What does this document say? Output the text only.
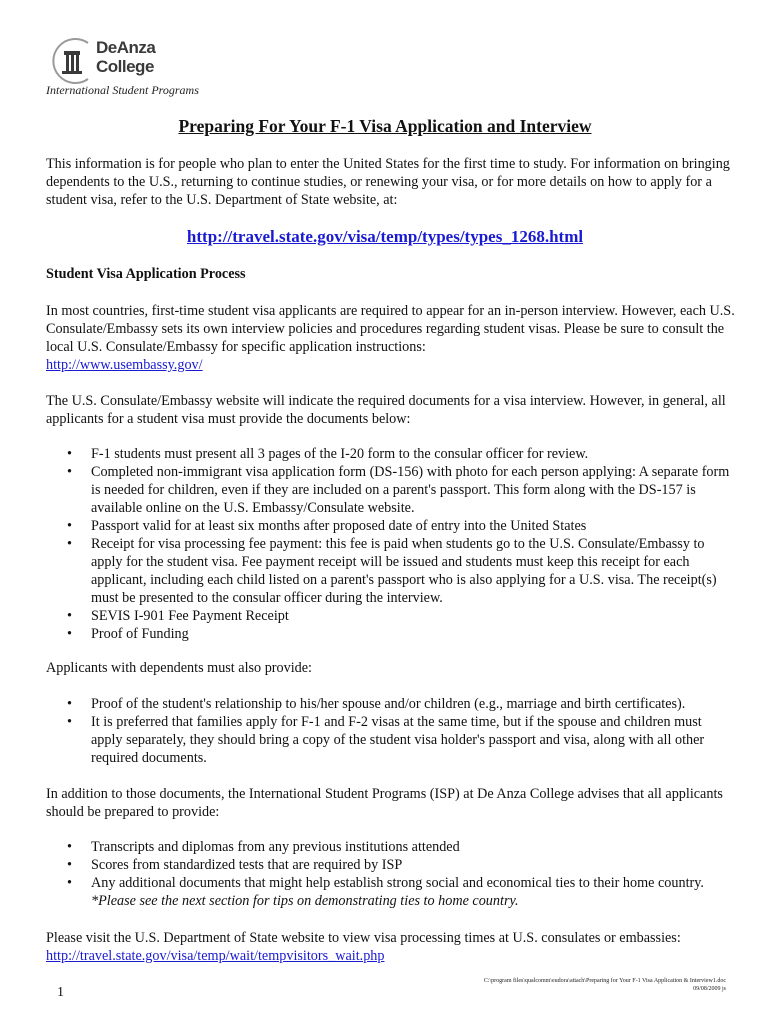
DeAnza
College
International Student Programs
Preparing For Your F-1 Visa Application and Interview

This information is for people who plan to enter the United States for the first time to study. For information on bringing dependents to the U.S., returning to continue studies, or renewing your visa, or for more details on how to apply for a student visa, refer to the U.S. Department of State website, at:

http://travel.state.gov/visa/temp/types/types_1268.html
Student Visa Application Process

In most countries, first-time student visa applicants are required to appear for an in-person interview. However, each U.S. Consulate/Embassy sets its own interview policies and procedures regarding student visas. Please be sure to consult the local U.S. Consulate/Embassy for specific application instructions:
http://www.usembassy.gov/

The U.S. Consulate/Embassy website will indicate the required documents for a visa interview. However, in general, all applicants for a student visa must provide the documents below:

• F-1 students must present all 3 pages of the I-20 form to the consular officer for review.
• Completed non-immigrant visa application form (DS-156) with photo for each person applying: A separate form is needed for children, even if they are included on a parent's passport. This form along with the DS-157 is available online on the U.S. Embassy/Consulate website.
• Passport valid for at least six months after proposed date of entry into the United States
• Receipt for visa processing fee payment: this fee is paid when students go to the U.S. Consulate/Embassy to apply for the student visa. Fee payment receipt will be issued and students must keep this receipt for each applicant, including each child listed on a parent's passport who is also applying for a U.S. visa. The receipt(s) must be presented to the consular officer during the interview.
• SEVIS I-901 Fee Payment Receipt
• Proof of Funding

Applicants with dependents must also provide:

• Proof of the student's relationship to his/her spouse and/or children (e.g., marriage and birth certificates).
• It is preferred that families apply for F-1 and F-2 visas at the same time, but if the spouse and children must apply separately, they should bring a copy of the student visa holder's passport and visa, along with all other required documents.

In addition to those documents, the International Student Programs (ISP) at De Anza College advises that all applicants should be prepared to provide:

• Transcripts and diplomas from any previous institutions attended
• Scores from standardized tests that are required by ISP
• Any additional documents that might help establish strong social and economical ties to their home country. *Please see the next section for tips on demonstrating ties to home country.

Please visit the U.S. Department of State website to view visa processing times at U.S. consulates or embassies:
http://travel.state.gov/visa/temp/wait/tempvisitors_wait.php

C:\program files\qualcomm\eudora\attach\Preparing for Your F-1 Visa Application & Interview1.doc
09/08/2009 js
1
